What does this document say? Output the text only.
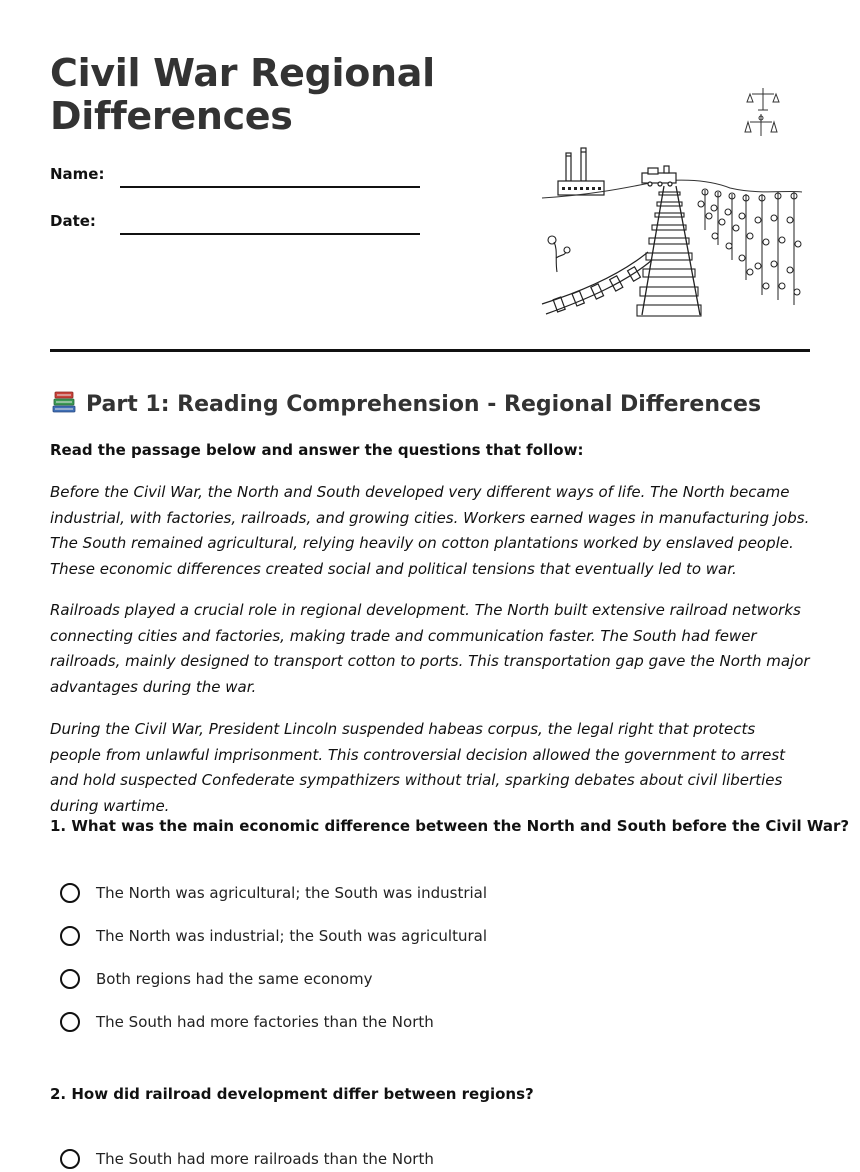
Civil War Regional Differences
Name:
Date:
Part 1: Reading Comprehension - Regional Differences
Read the passage below and answer the questions that follow:

Before the Civil War, the North and South developed very different ways of life. The North became industrial, with factories, railroads, and growing cities. Workers earned wages in manufacturing jobs. The South remained agricultural, relying heavily on cotton plantations worked by enslaved people. These economic differences created social and political tensions that eventually led to war.

Railroads played a crucial role in regional development. The North built extensive railroad networks connecting cities and factories, making trade and communication faster. The South had fewer railroads, mainly designed to transport cotton to ports. This transportation gap gave the North major advantages during the war.

During the Civil War, President Lincoln suspended habeas corpus, the legal right that protects people from unlawful imprisonment. This controversial decision allowed the government to arrest and hold suspected Confederate sympathizers without trial, sparking debates about civil liberties during wartime.

1. What was the main economic difference between the North and South before the Civil War?
The North was agricultural; the South was industrial
The North was industrial; the South was agricultural
Both regions had the same economy
The South had more factories than the North
2. How did railroad development differ between regions?
The South had more railroads than the North
